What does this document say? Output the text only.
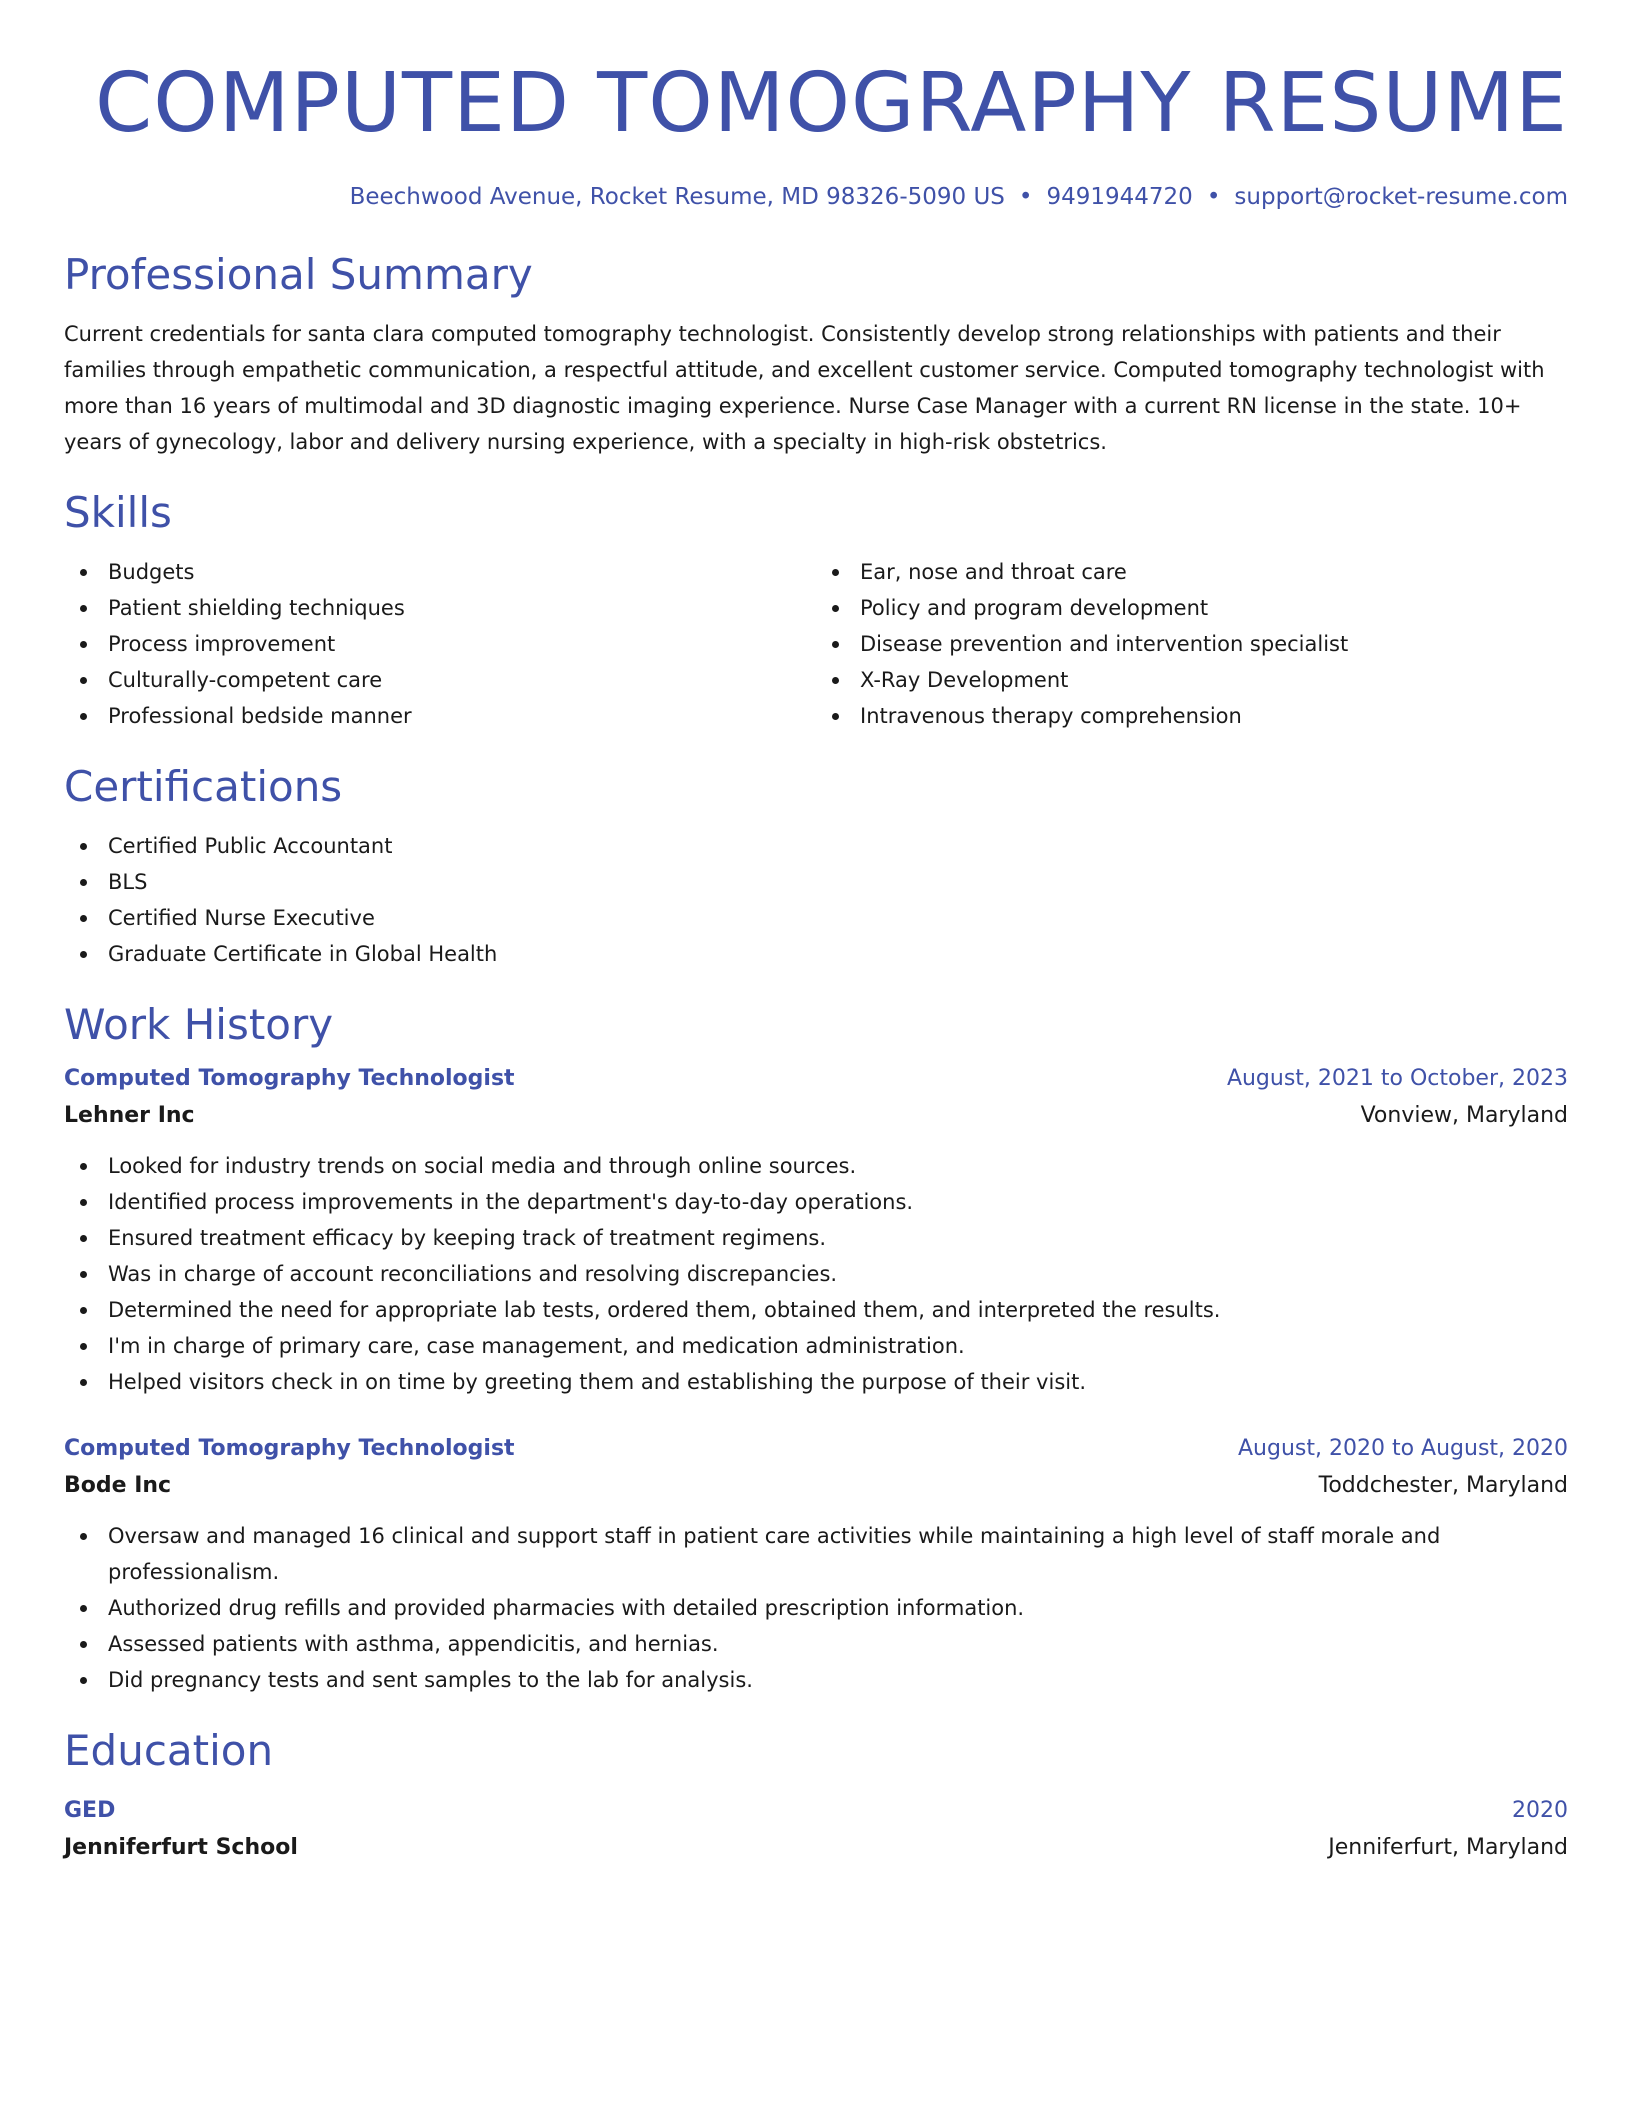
COMPUTED TOMOGRAPHY RESUME
Beechwood Avenue, Rocket Resume, MD 98326-5090 US • 9491944720 • support@rocket-resume.com
Professional Summary
Current credentials for santa clara computed tomography technologist. Consistently develop strong relationships with patients and their families through empathetic communication, a respectful attitude, and excellent customer service. Computed tomography technologist with more than 16 years of multimodal and 3D diagnostic imaging experience. Nurse Case Manager with a current RN license in the state. 10+ years of gynecology, labor and delivery nursing experience, with a specialty in high-risk obstetrics.
Skills
Budgets
Patient shielding techniques
Process improvement
Culturally-competent care
Professional bedside manner
Ear, nose and throat care
Policy and program development
Disease prevention and intervention specialist
X-Ray Development
Intravenous therapy comprehension
Certifications
Certified Public Accountant
BLS
Certified Nurse Executive
Graduate Certificate in Global Health
Work History
Computed Tomography Technologist	August, 2021 to October, 2023
Lehner Inc	Vonview, Maryland
Looked for industry trends on social media and through online sources.
Identified process improvements in the department's day-to-day operations.
Ensured treatment efficacy by keeping track of treatment regimens.
Was in charge of account reconciliations and resolving discrepancies.
Determined the need for appropriate lab tests, ordered them, obtained them, and interpreted the results.
I'm in charge of primary care, case management, and medication administration.
Helped visitors check in on time by greeting them and establishing the purpose of their visit.
Computed Tomography Technologist	August, 2020 to August, 2020
Bode Inc	Toddchester, Maryland
Oversaw and managed 16 clinical and support staff in patient care activities while maintaining a high level of staff morale and professionalism.
Authorized drug refills and provided pharmacies with detailed prescription information.
Assessed patients with asthma, appendicitis, and hernias.
Did pregnancy tests and sent samples to the lab for analysis.
Education
GED	2020
Jenniferfurt School	Jenniferfurt, Maryland
